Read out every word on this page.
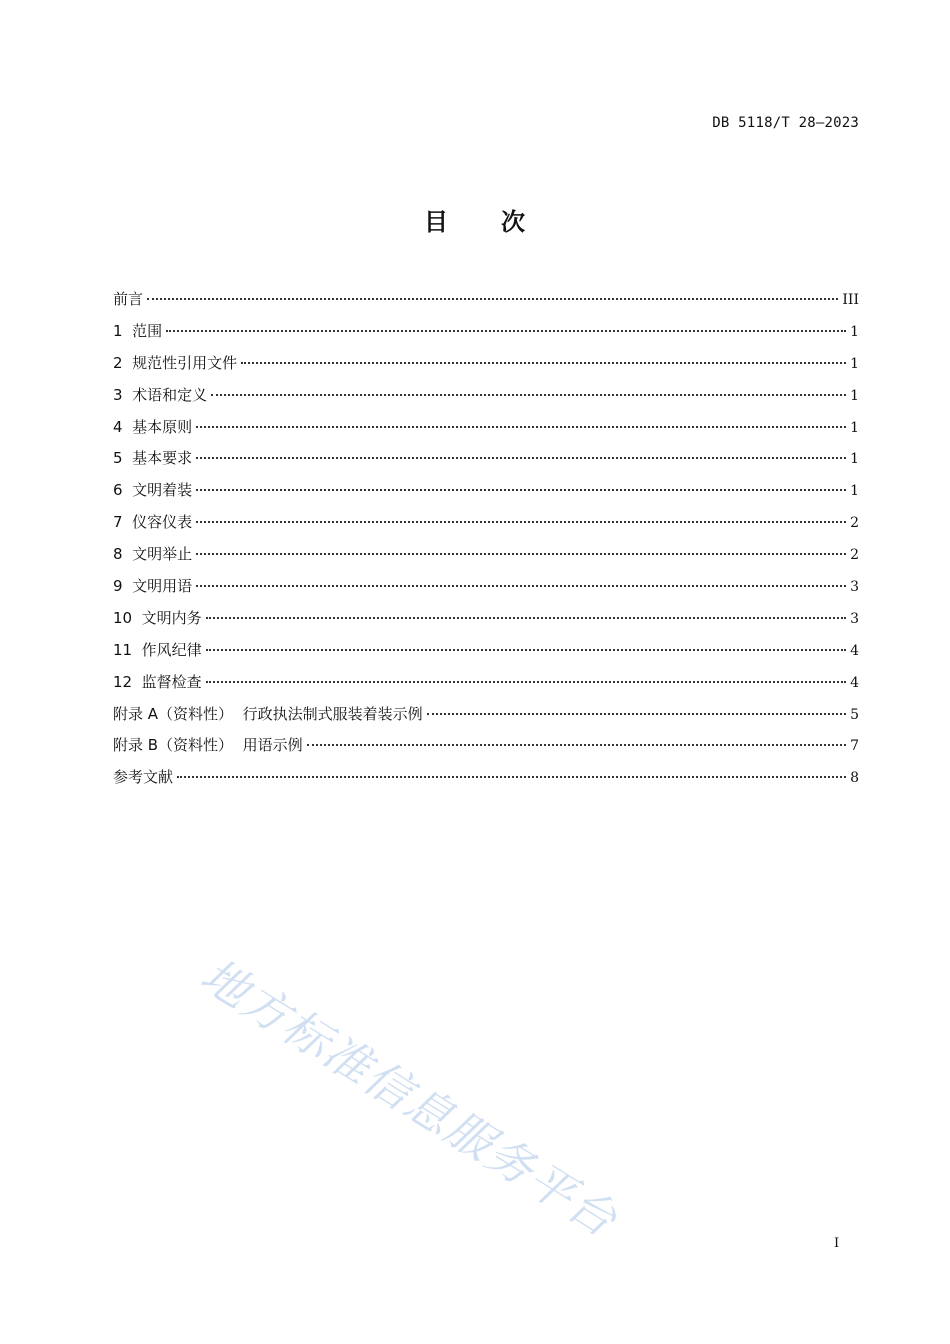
DB 5118/T 28—2023
目 次
前言	III
1  范围	1
2  规范性引用文件	1
3  术语和定义	1
4  基本原则	1
5  基本要求	1
6  文明着装	1
7  仪容仪表	2
8  文明举止	2
9  文明用语	3
10  文明内务	3
11  作风纪律	4
12  监督检查	4
附录 A（资料性）  行政执法制式服装着装示例	5
附录 B（资料性）  用语示例	7
参考文献	8
地方标准信息服务平台	I
